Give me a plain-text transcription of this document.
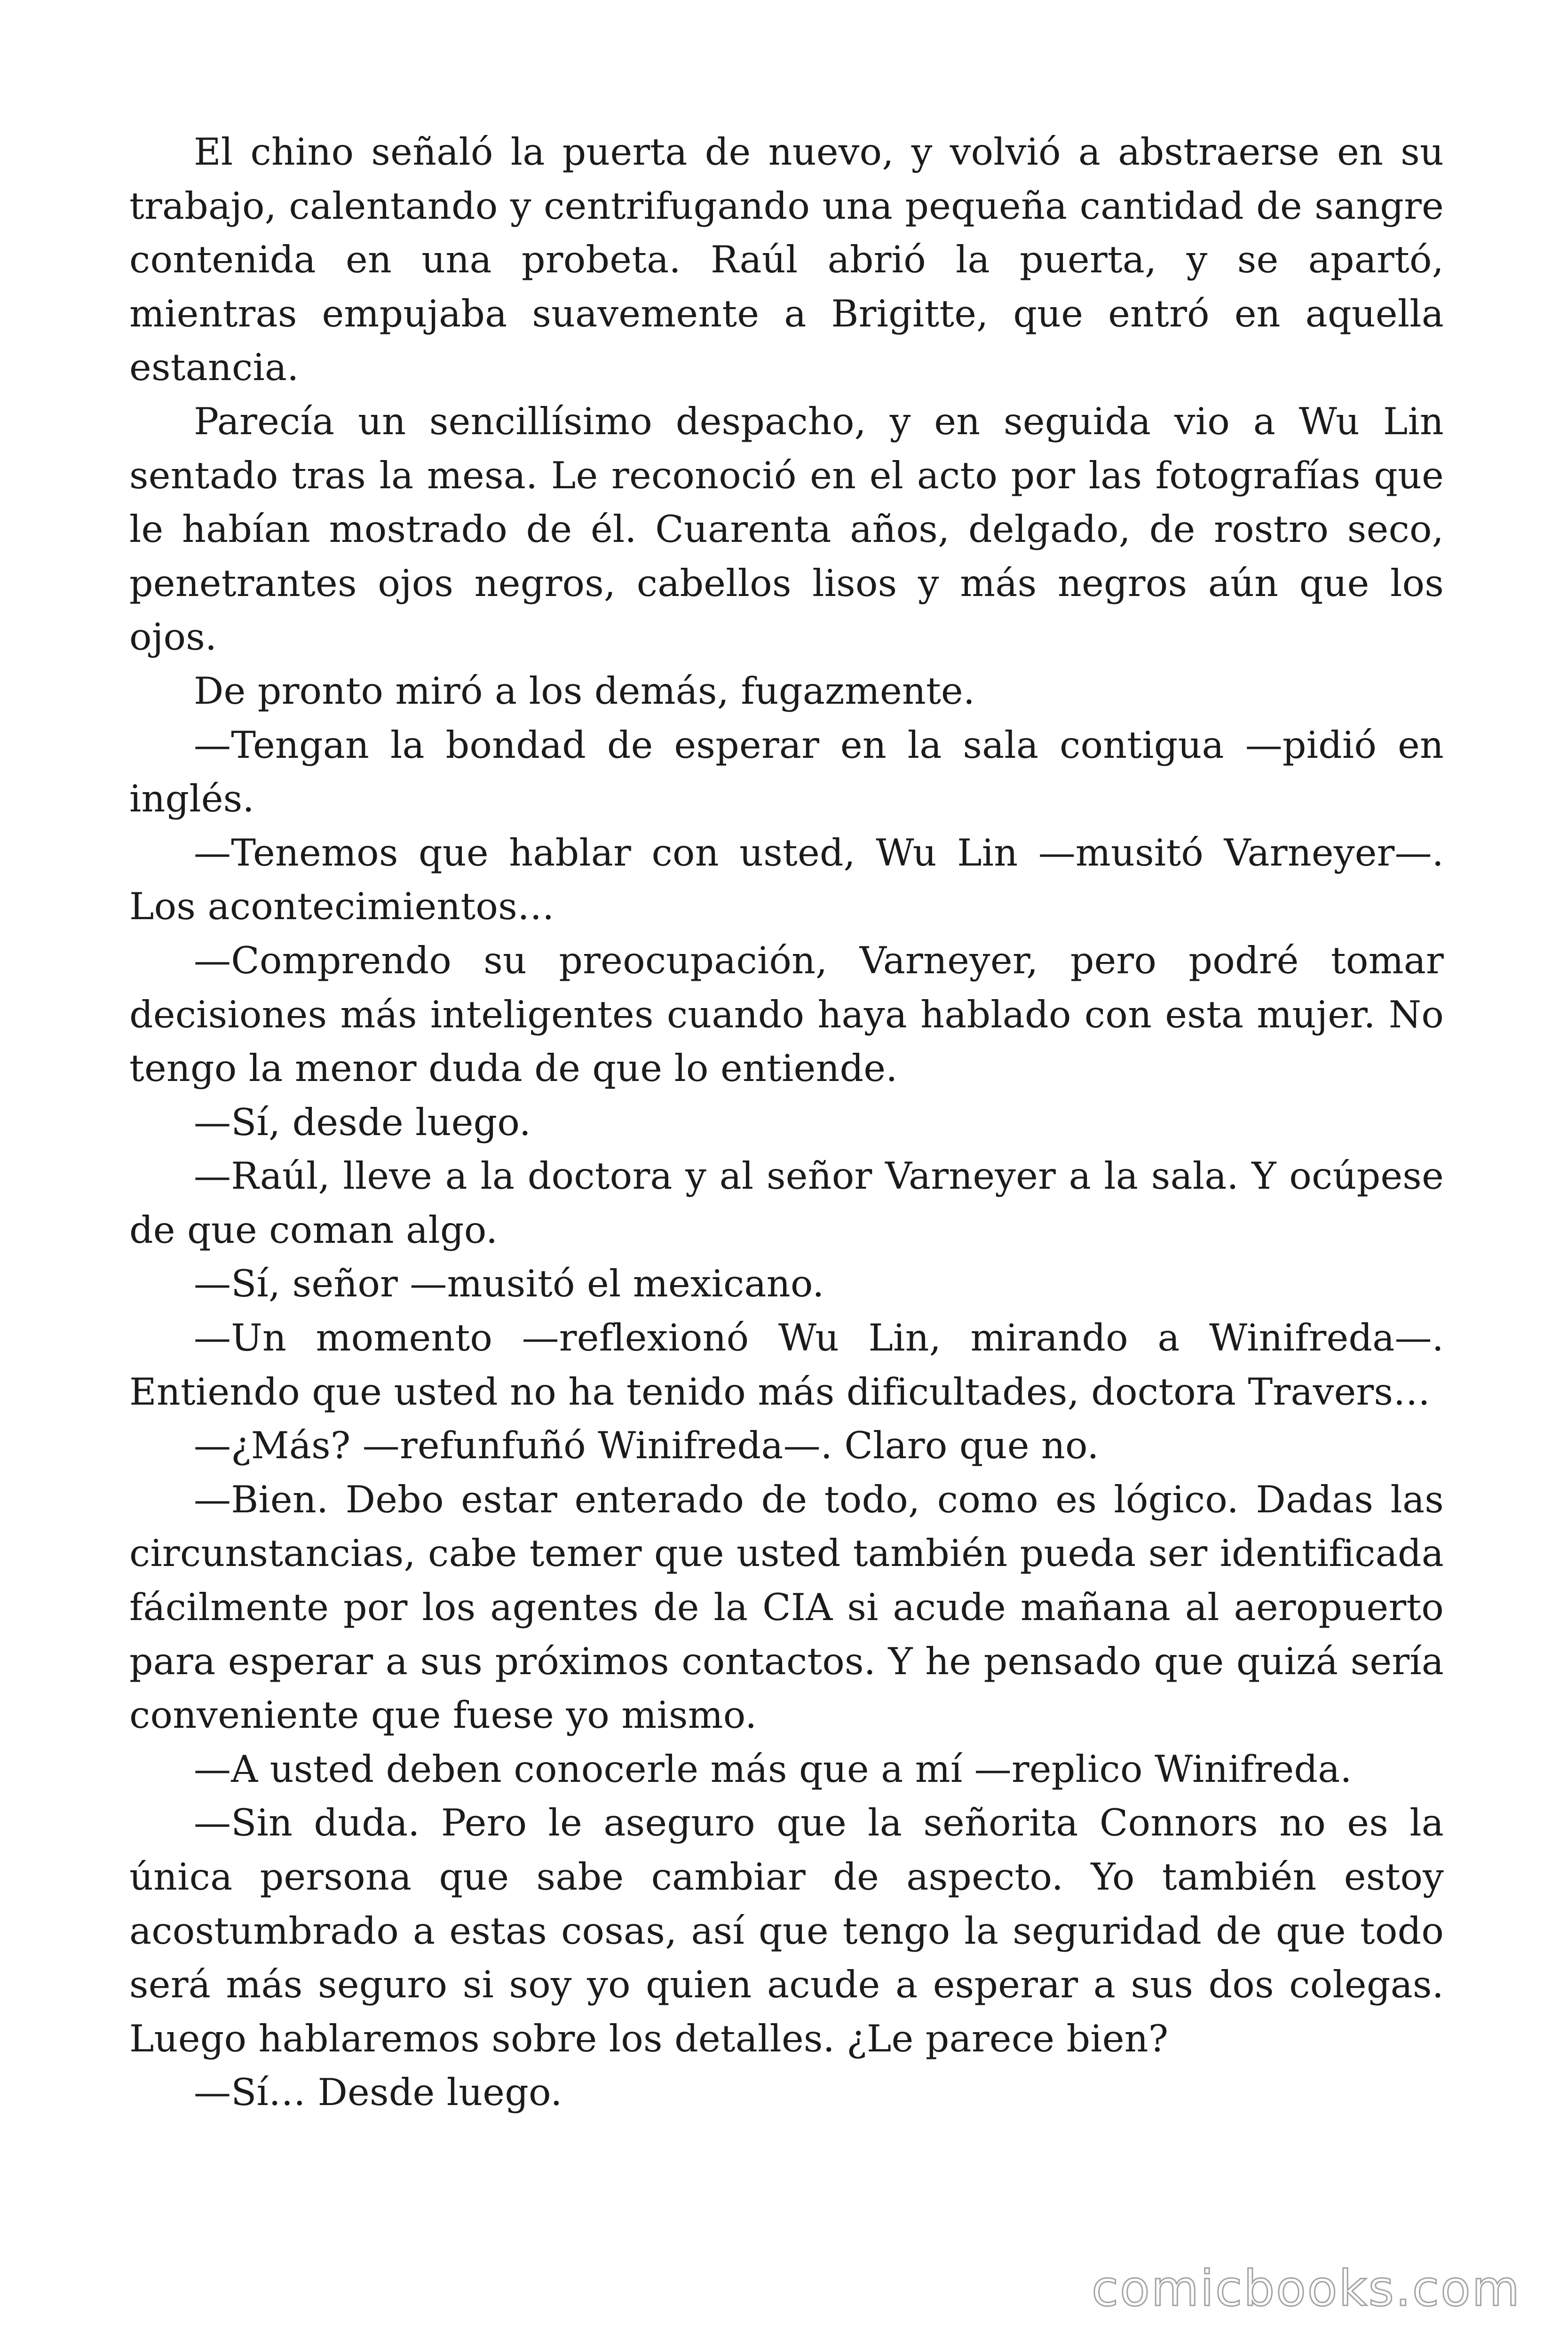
El chino señaló la puerta de nuevo, y volvió a abstraerse en su trabajo, calentando y centrifugando una pequeña cantidad de sangre contenida en una probeta. Raúl abrió la puerta, y se apartó, mientras empujaba suavemente a Brigitte, que entró en aquella estancia.

Parecía un sencillísimo despacho, y en seguida vio a Wu Lin sentado tras la mesa. Le reconoció en el acto por las fotografías que le habían mostrado de él. Cuarenta años, delgado, de rostro seco, penetrantes ojos negros, cabellos lisos y más negros aún que los ojos.

De pronto miró a los demás, fugazmente.

—Tengan la bondad de esperar en la sala contigua —pidió en inglés.

—Tenemos que hablar con usted, Wu Lin —musitó Varneyer—. Los acontecimientos…

—Comprendo su preocupación, Varneyer, pero podré tomar decisiones más inteligentes cuando haya hablado con esta mujer. No tengo la menor duda de que lo entiende.

—Sí, desde luego.

—Raúl, lleve a la doctora y al señor Varneyer a la sala. Y ocúpese de que coman algo.

—Sí, señor —musitó el mexicano.

—Un momento —reflexionó Wu Lin, mirando a Winifreda—. Entiendo que usted no ha tenido más dificultades, doctora Travers…

—¿Más? —refunfuñó Winifreda—. Claro que no.

—Bien. Debo estar enterado de todo, como es lógico. Dadas las circunstancias, cabe temer que usted también pueda ser identificada fácilmente por los agentes de la CIA si acude mañana al aeropuerto para esperar a sus próximos contactos. Y he pensado que quizá sería conveniente que fuese yo mismo.

—A usted deben conocerle más que a mí —replico Winifreda.

—Sin duda. Pero le aseguro que la señorita Connors no es la única persona que sabe cambiar de aspecto. Yo también estoy acostumbrado a estas cosas, así que tengo la seguridad de que todo será más seguro si soy yo quien acude a esperar a sus dos colegas. Luego hablaremos sobre los detalles. ¿Le parece bien?

—Sí… Desde luego.

comicbooks.com
